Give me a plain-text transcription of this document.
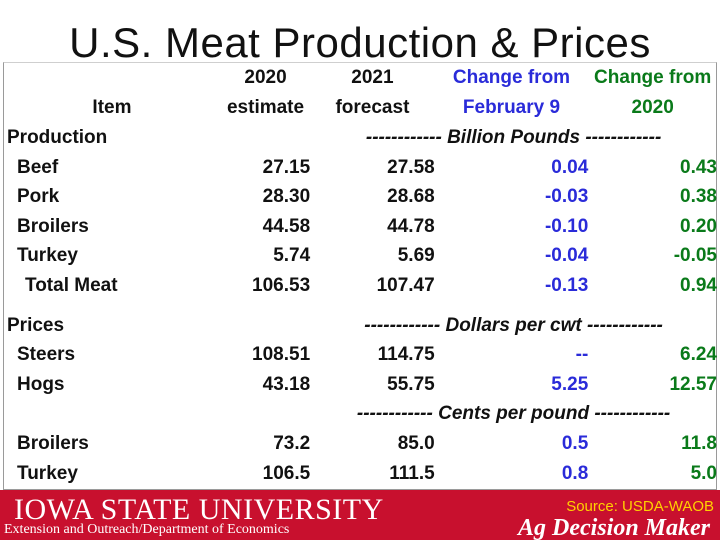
U.S. Meat Production & Prices
	2020	2021	Change from	Change from
Item	estimate	forecast	February 9	2020
Production		------------ Billion Pounds ------------		
Beef	27.15	27.58	0.04	0.43
Pork	28.30	28.68	-0.03	0.38
Broilers	44.58	44.78	-0.10	0.20
Turkey	5.74	5.69	-0.04	-0.05
Total Meat	106.53	107.47	-0.13	0.94

Prices		------------ Dollars per cwt ------------		
Steers	108.51	114.75	--	6.24
Hogs	43.18	55.75	5.25	12.57
		------------ Cents per pound ------------		
Broilers	73.2	85.0	0.5	11.8
Turkey	106.5	111.5	0.8	5.0
IOWA STATE UNIVERSITY
Extension and Outreach/Department of Economics
Source: USDA-WAOB
Ag Decision Maker
